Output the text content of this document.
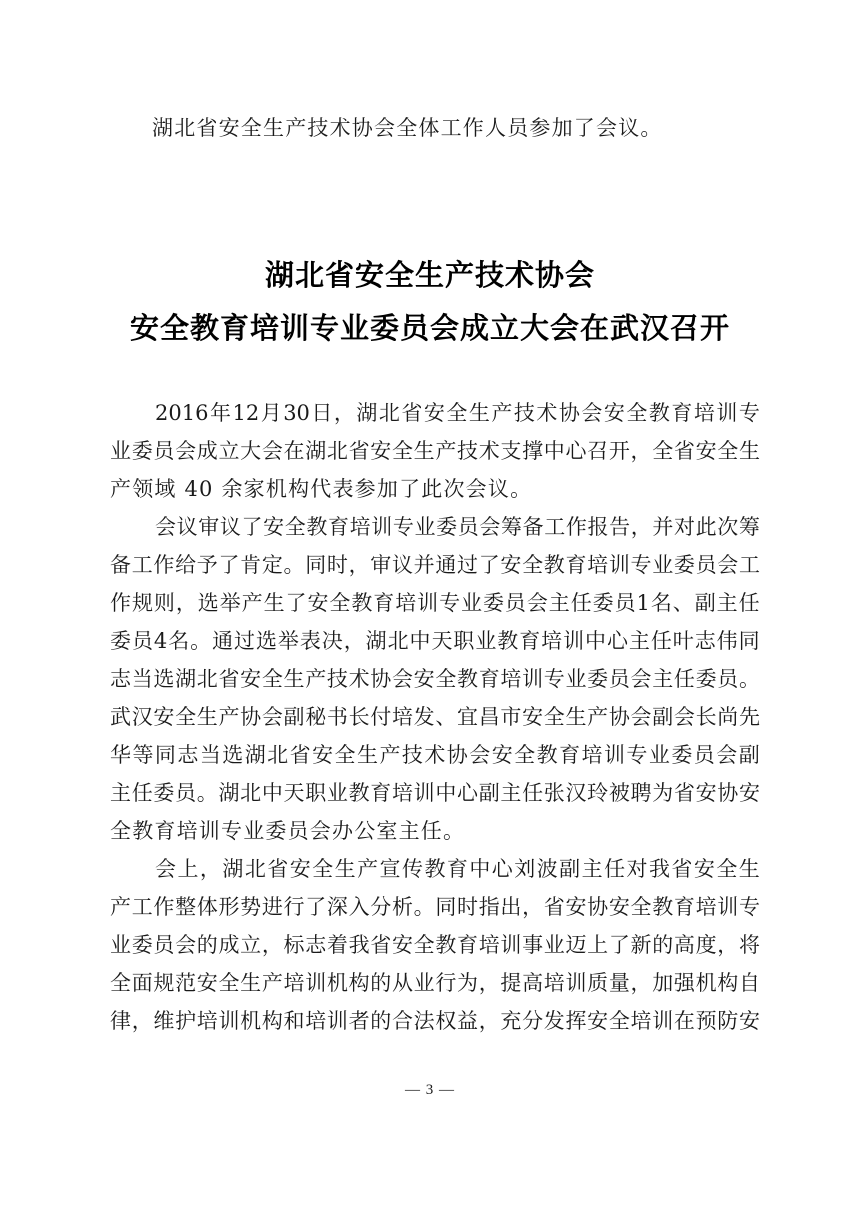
湖北省安全生产技术协会全体工作人员参加了会议。
湖北省安全生产技术协会
安全教育培训专业委员会成立大会在武汉召开
2016 年 12 月 30 日 ， 湖 北 省 安 全 生 产 技 术 协 会 安 全 教 育 培 训 专
业 委 员 会 成 立 大 会 在 湖 北 省 安 全 生 产 技 术 支 撑 中 心 召 开 ， 全 省 安 全 生
产领域 40 余家机构代表参加了此次会议。
会 议 审 议 了 安 全 教 育 培 训 专 业 委 员 会 筹 备 工 作 报 告 ， 并 对 此 次 筹
备 工 作 给 予 了 肯 定 。 同 时 ， 审 议 并 通 过 了 安 全 教 育 培 训 专 业 委 员 会 工
作 规 则 ， 选 举 产 生 了 安 全 教 育 培 训 专 业 委 员 会 主 任 委 员 1 名 、 副 主 任
委 员 4 名 。 通 过 选 举 表 决 ， 湖 北 中 天 职 业 教 育 培 训 中 心 主 任 叶 志 伟 同
志 当 选 湖 北 省 安 全 生 产 技 术 协 会 安 全 教 育 培 训 专 业 委 员 会 主 任 委 员 。
武 汉 安 全 生 产 协 会 副 秘 书 长 付 培 发 、 宜 昌 市 安 全 生 产 协 会 副 会 长 尚 先
华 等 同 志 当 选 湖 北 省 安 全 生 产 技 术 协 会 安 全 教 育 培 训 专 业 委 员 会 副
主 任 委 员 。 湖 北 中 天 职 业 教 育 培 训 中 心 副 主 任 张 汉 玲 被 聘 为 省 安 协 安
全教育培训专业委员会办公室主任。
会 上 ， 湖 北 省 安 全 生 产 宣 传 教 育 中 心 刘 波 副 主 任 对 我 省 安 全 生
产 工 作 整 体 形 势 进 行 了 深 入 分 析 。 同 时 指 出 ， 省 安 协 安 全 教 育 培 训 专
业 委 员 会 的 成 立 ， 标 志 着 我 省 安 全 教 育 培 训 事 业 迈 上 了 新 的 高 度 ， 将
全 面 规 范 安 全 生 产 培 训 机 构 的 从 业 行 为 ， 提 高 培 训 质 量 ， 加 强 机 构 自
律 ， 维 护 培 训 机 构 和 培 训 者 的 合 法 权 益 ， 充 分 发 挥 安 全 培 训 在 预 防 安
— 3 —
